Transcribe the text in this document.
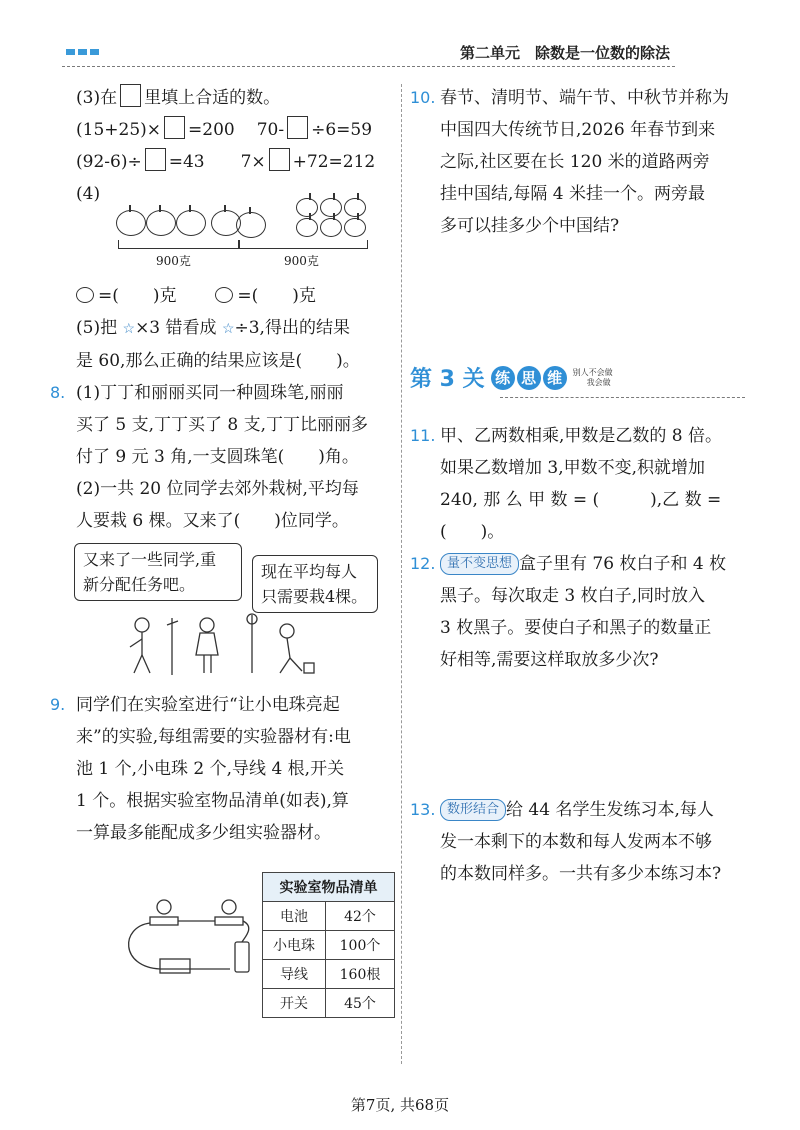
第二单元　除数是一位数的除法
(3)在 里填上合适的数。
(15+25)× =200 70- ÷6=59
(92-6)÷ =43 7× +72=212
(4)
900克	900克
=(　　)克	=(　　)克
(5)把 ☆×3 错看成 ☆÷3,得出的结果
是 60,那么正确的结果应该是(　　)。
8. (1)丁丁和丽丽买同一种圆珠笔,丽丽
买了 5 支,丁丁买了 8 支,丁丁比丽丽多
付了 9 元 3 角,一支圆珠笔(　　)角。
(2)一共 20 位同学去郊外栽树,平均每
人要栽 6 棵。又来了(　　)位同学。
又来了一些同学,重
新分配任务吧。
现在平均每人
只需要栽4棵。
9. 同学们在实验室进行“让小电珠亮起
来”的实验,每组需要的实验器材有:电
池 1 个,小电珠 2 个,导线 4 根,开关
1 个。根据实验室物品清单(如表),算
一算最多能配成多少组实验器材。
实验室物品清单	
电池	42个
小电珠	100个
导线	160根
开关	45个
10. 春节、清明节、端午节、中秋节并称为
中国四大传统节日,2026 年春节到来
之际,社区要在长 120 米的道路两旁
挂中国结,每隔 4 米挂一个。两旁最
多可以挂多少个中国结?
第 3 关 练 思 维	别人不会做
我会做
11. 甲、乙两数相乘,甲数是乙数的 8 倍。
如果乙数增加 3,甲数不变,积就增加
240, 那 么 甲 数 = (　　　),乙 数 =
(　　)。
12. 量不变思想 盒子里有 76 枚白子和 4 枚
黑子。每次取走 3 枚白子,同时放入
3 枚黑子。要使白子和黑子的数量正
好相等,需要这样取放多少次?
13. 数形结合 给 44 名学生发练习本,每人
发一本剩下的本数和每人发两本不够
的本数同样多。一共有多少本练习本?
第7页, 共68页
